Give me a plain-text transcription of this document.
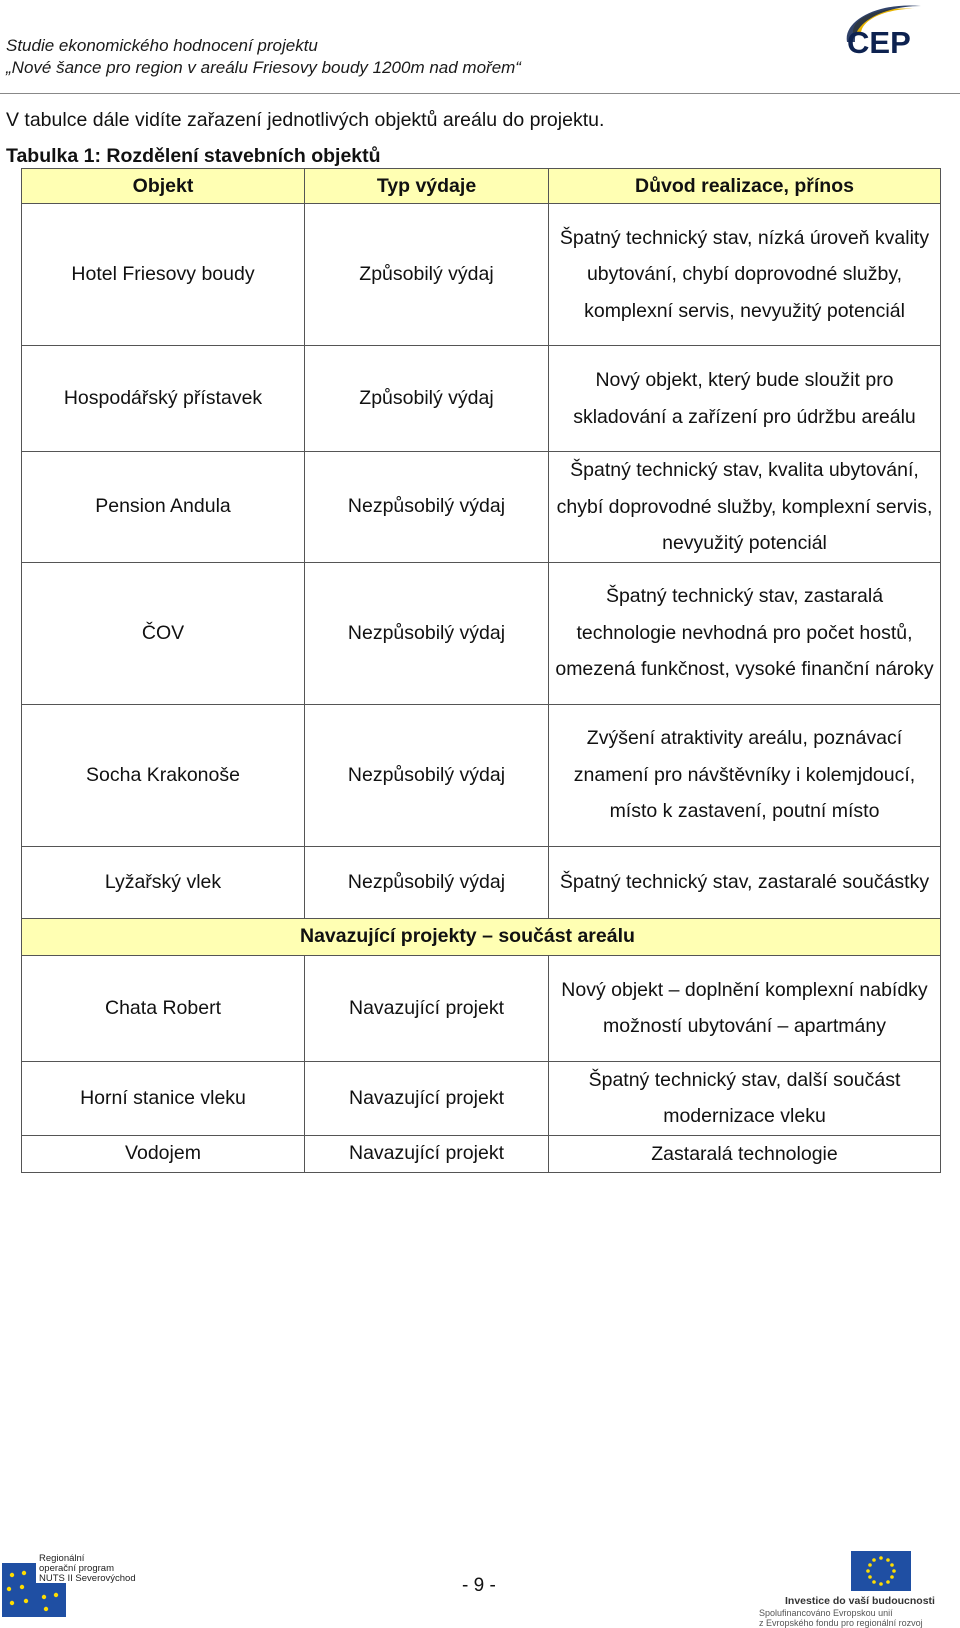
Studie ekonomického hodnocení projektu
„Nové šance pro region v areálu Friesovy boudy 1200m nad mořem“
CEP
V tabulce dále vidíte zařazení jednotlivých objektů areálu do projektu.
Tabulka 1: Rozdělení stavebních objektů
Objekt	Typ výdaje	Důvod realizace, přínos
Hotel Friesovy boudy	Způsobilý výdaj	Špatný technický stav, nízká úroveň kvality ubytování, chybí doprovodné služby, komplexní servis, nevyužitý potenciál
Hospodářský přístavek	Způsobilý výdaj	Nový objekt, který bude sloužit pro skladování a zařízení pro údržbu areálu
Pension Andula	Nezpůsobilý výdaj	Špatný technický stav, kvalita ubytování, chybí doprovodné služby, komplexní servis, nevyužitý potenciál
ČOV	Nezpůsobilý výdaj	Špatný technický stav, zastaralá technologie nevhodná pro počet hostů, omezená funkčnost, vysoké finanční nároky
Socha Krakonoše	Nezpůsobilý výdaj	Zvýšení atraktivity areálu, poznávací znamení pro návštěvníky i kolemjdoucí, místo k zastavení, poutní místo
Lyžařský vlek	Nezpůsobilý výdaj	Špatný technický stav, zastaralé součástky
Navazující projekty – součást areálu		
Chata Robert	Navazující projekt	Nový objekt – doplnění komplexní nabídky možností ubytování – apartmány
Horní stanice vleku	Navazující projekt	Špatný technický stav, další součást modernizace vleku
Vodojem	Navazující projekt	Zastaralá technologie
Regionální
operační program
NUTS II Severovýchod	- 9 -
Investice do vaší budoucnosti
Spolufinancováno Evropskou unií
z Evropského fondu pro regionální rozvoj
